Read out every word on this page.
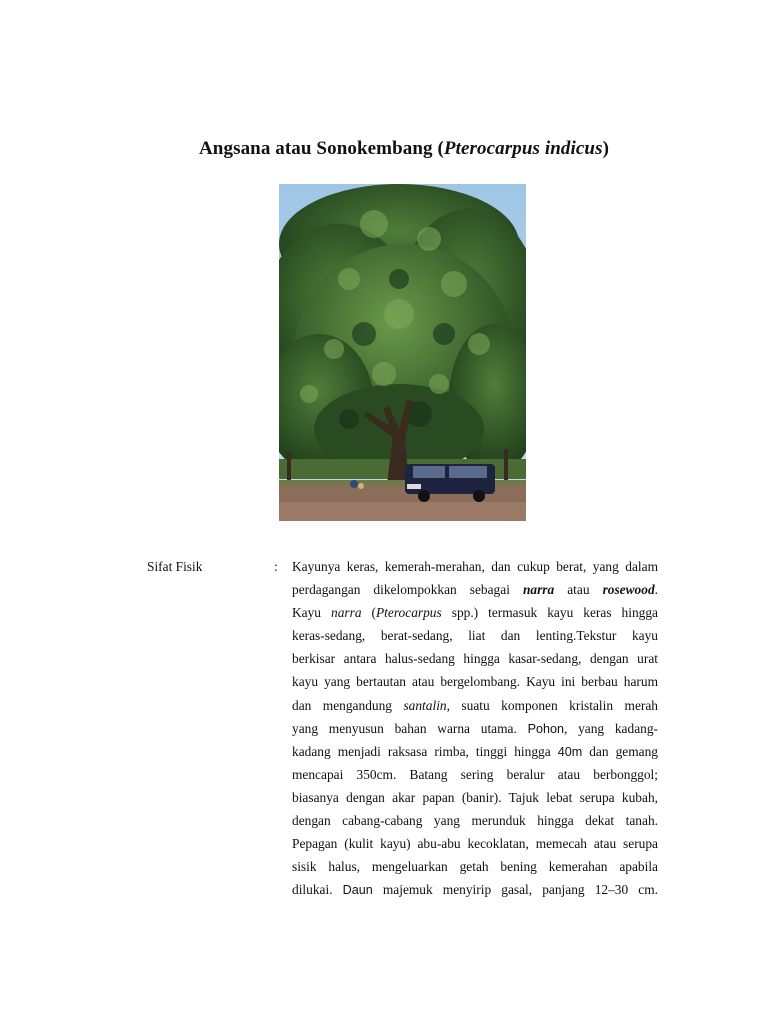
Angsana atau Sonokembang (Pterocarpus indicus)
Sifat Fisik	: Kayunya keras, kemerah-merahan, dan cukup berat, yang dalam
perdagangan dikelompokkan sebagai narra atau rosewood.
Kayu narra (Pterocarpus spp.) termasuk kayu keras hingga
keras-sedang, berat-sedang, liat dan lenting.Tekstur kayu
berkisar antara halus-sedang hingga kasar-sedang, dengan urat
kayu yang bertautan atau bergelombang. Kayu ini berbau harum
dan mengandung santalin, suatu komponen kristalin merah
yang menyusun bahan warna utama. Pohon, yang kadang-
kadang menjadi raksasa rimba, tinggi hingga 40m dan gemang
mencapai 350cm. Batang sering beralur atau berbonggol;
biasanya dengan akar papan (banir). Tajuk lebat serupa kubah,
dengan cabang-cabang yang merunduk hingga dekat tanah.
Pepagan (kulit kayu) abu-abu kecoklatan, memecah atau serupa
sisik halus, mengeluarkan getah bening kemerahan apabila
dilukai. Daun majemuk menyirip gasal, panjang 12–30 cm.
